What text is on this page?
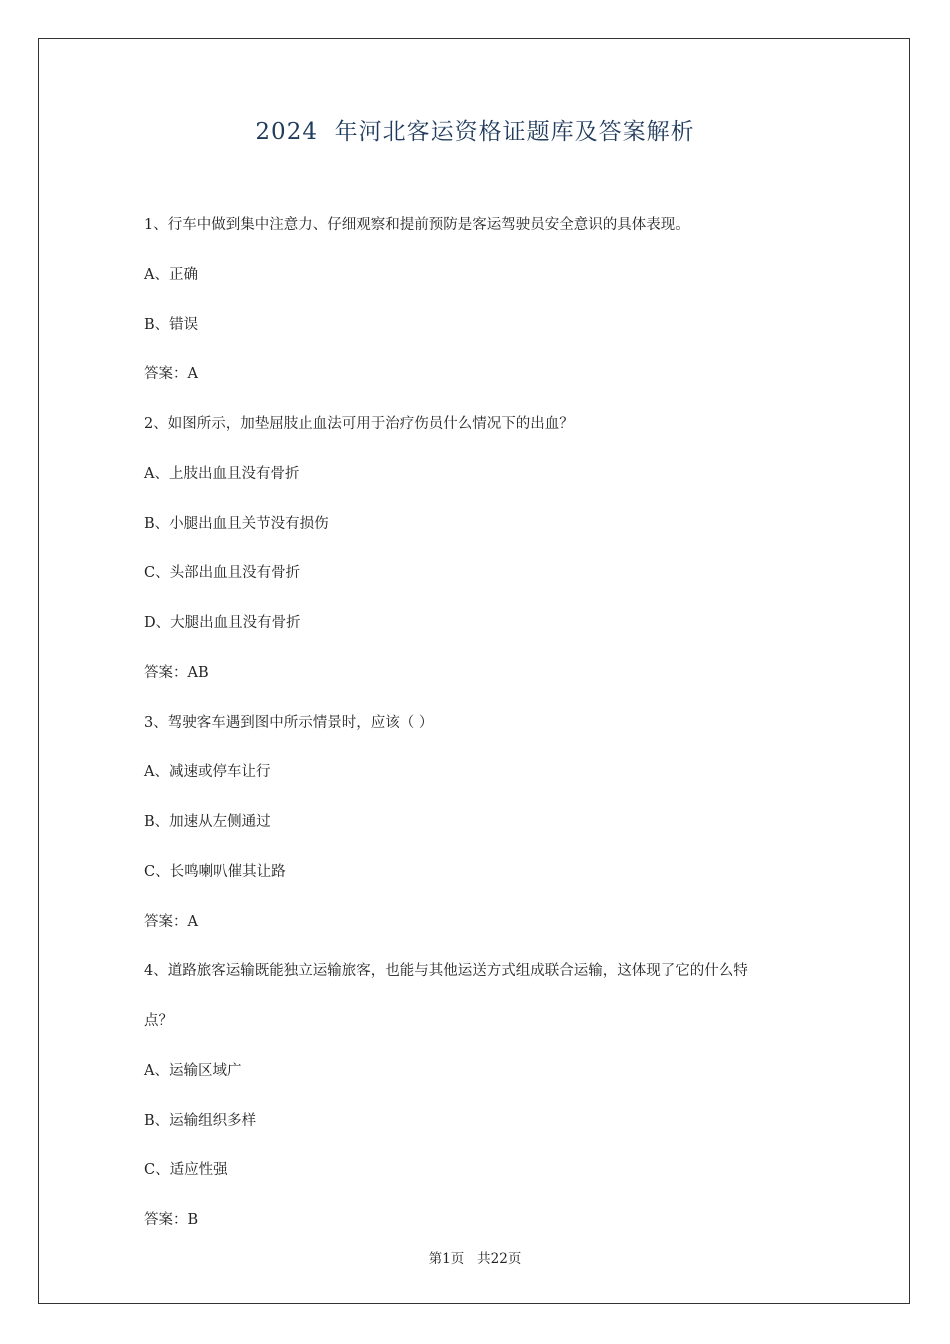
2024  年河北客运资格证题库及答案解析
1、行车中做到集中注意力、仔细观察和提前预防是客运驾驶员安全意识的具体表现。
A、正确
B、错误
答案：A
2、如图所示，加垫屈肢止血法可用于治疗伤员什么情况下的出血？
A、上肢出血且没有骨折
B、小腿出血且关节没有损伤
C、头部出血且没有骨折
D、大腿出血且没有骨折
答案：AB
3、驾驶客车遇到图中所示情景时，应该（ ）
A、减速或停车让行
B、加速从左侧通过
C、长鸣喇叭催其让路
答案：A
4、道路旅客运输既能独立运输旅客，也能与其他运送方式组成联合运输，这体现了它的什么特
点？
A、运输区域广
B、运输组织多样
C、适应性强
答案：B
第1页   共22页
